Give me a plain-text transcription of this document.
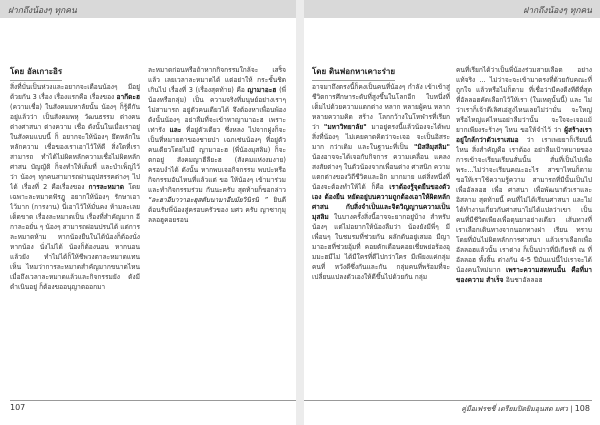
ฝากถึงน้องๆ ทุกคน	ฝากถึงน้องๆ ทุกคน
โดย อัลเกาะอิร

สิ่งที่บั่นเป็นห่วงและอยากจะเตือนน้องๆ มีอยู่ด้วยกัน 3 เรื่อง เรื่องแรกคือ เรื่องของ อากีดะฮ (ความเชื่อ) ในสังคมมหาลัยนั้น น้องๆ ก็รู้ดีกันอยู่แล้วว่า เป็นสังคมพหุ วัฒนธรรม ต่างคน ต่างศาสนา ต่างความ เชื่อ ดังนั้นในเมื่อเราอยู่ในสังคมแบบนี้ ก็ อยากจะให้น้องๆ ยึดหลักในหลักความ เชื่อของเราเอาไว้ให้ดี สิ่งใดที่เราสามารถ ทำได้ไม่ผิดหลักความเชื่อไม่ผิดหลักศาสน บัญญัติ ก็จงทำให้เต็มที่ และบำเพ็ญไว้ว่า น้องๆ ทุกคนสามารถผ่านอุปสรรคต่างๆ ไปได้ เรื่องที่ 2 คือเรื่องของ การละหมาด โดยเฉพาะละหมาดฟัรฎู อยากให้น้องๆ รักษาเอาไว้มาก (การงาน) นี่เอาไว้ให้มั่นคง ห้ามละเลยเด็ดขาด เรื่องละหมาดเป็น เรื่องที่สำคัญมาก อีกาละอยั่น ๆ น้องๆ สามารถผ่อนปรนได้ แต่การละหมาดห้าม หากน้องยืนในได้น้องก็ต้องนั่ง หากน้อง นั่งไม่ได้ น้องก็ต้องนอน หากนอนแล้วยัง ทำไม่ได้ก็ให้ชีพวงตาละหมาดแทน เห็น ไหมว่าการละหมาดสำคัญมากขนาดไหน เมื่อถึงเวลาละหมาดแล้วและกิจกรรมยัง ดังมีดำเนินอยู่ ก็ต้องขออนุญาตออกมา

ละหมาดก่อนหรือถ้าหากกิจกรรมใกล้จะ เสร็จแล้ว เลยเวลาละหมาดได้ แต่อย่าให้ กระชั้นชิดเกินไป เรื่องที่ 3 (เรื่องสุดท้าย) คือ ญามาอะฮ (พี่น้องหรือกลุ่ม) เป็น ความจริงที่มนุษย์อย่างเราๆ ไม่สามารถ อยู่ตัวคนเดียวได้ จึงต้องหาเพื่อนพ้อง ดังนั้นน้องๆ อย่าลืมที่จะเข้าหาญามาอะฮ เพราะเท่ารัง และ ที่อยู่ตัวเดียว ซึ่งหลง ไปจากฝูงก็จะเป็นที่หมายตาของชายปา เฉกเช่นน้องๆ ที่อยู่ตัวคนเดียวโดยไม่มี ญามาอะฮ (พี่น้องมุสลิม) ก็จะตกอยู่ สังคมญาฮีลียะฮ (สังคมแห่งงมงาย) ครอบงำได้ ดังนั้น หากพบเจอกิจกรรม พบปะหรือกิจกรรมอันไหนที่แล้วแต่ ขอ ให้น้องๆ เข้ามาร่วมและทำกิจกรรมร่วม กันนะครับ สุดท้ายก็ขอกล่าว “ละฮาอีบาวาอะฮุสตับนามาอีบมัยวินิรนิ ” ยินดีต้อนรับพี่น้องสู่ครอบครัวของ มศว ครับ ญาซากุมุลลอฮูคอยรอน

โดย ดินฟอกหาเคาะร่าย

อาจมาถึงตรงนี้ก็คงเป็นคนที่น้องๆ กำลัง เข้าเข้าสู่ชีวิตการศึกษาระดับที่สูงขึ้นในโลกอีก ใบหนึ่งที่เต็มไปด้วยความแตกต่าง หลาก หลายผู้คน หลากหลายความคิด สร้าง โลกกว้างในโหฬารที่เรียกว่า "มหาวิทยาลัย" มาอยู่ตรงนี้แล้วน้องจะได้พบสิ่งที่น้องๆ ไม่เคยคาดคิดว่าจะเจอ จะเป็นอิสระมาก กว่าเดิม และในฐานะที่เป็น "มิสลิมุสลิม" น้องอาจจะได้เจอกับกิจการ ความเคลื่อน แคลงสงสัยต่างๆ ในตัวน้องจากเพื่อนต่าง ศาสนิก ความแตกต่างของวิถีชีวิตและอิก มากมาย แต่สิ่งหนึ่งที่น้องจะต้องทำให้ได้ ก็คือ เราต้องรู้จุดยืนของตัวเอง ต้องยืน หยัดอยู่บนความถูกต้องเอาให้ผิดหลักศาสน กับสิ่งจำเป็นและจิตวิญญานความเป็น มุสลิม ในบางครั้งสิ่งนี้อาจจะยากอยู่บ้าง สำหรับน้องๆ แต่ไม่อยากให้น้องลืมว่า น้องยังมีพี่ๆ มีเพื่อนๆ ในชมรมที่ช่วยกัน ผลักดันอยู่เสมอ มีญามาอะฮที่ช่วยอุ้มที่ คอยตักเตือนคอยเชี่ยพย่อร้องอุมมะฮมีไม่ ได้มีใครที่ดีไปกว่าใคร มีเพียงแค่กลุ่มคนที่ หวังดีซึ่งกันและกัน กลุ่มคนที่พร้อมที่จะ เปลี่ยนแปลงตัวเองให้ดีขึ้นไปด้วยกัน กลุ่ม

คนที่เรียกได้ว่าเป็นพี่น้องร่วมสายเลือด อย่างแท้จริง ... ไม่ว่าจะจะเข้ามาตรงที่ด้วยกับคณะที่ถูกใจ แล้วหรือไม่ก็ตาม ที่เชื่อว่ามีคงดีงทีดีที่สุด ที่อัลลอฮคัดเลือกไว้ให้เรา (ในเหตุนั้นนี้) และ ไม่ว่าเราก็เจ้าดีเลิศเอ่สูงไหนเลยไม่ว่ามั่น จะใหญ่หรือไหญ่แค่ไหนอย่าลืมว่านั้น จะใจจะเจอแม้ยากเพียงระร้างๆ ไหน ขอให้จำไว้ ว่า ผู้สร้างเราอยู่ใกล้กว่าตัวเราเสมอ ว่า เราเพยยาก็เรียนนี่ไหน สิ่งสำคัญคือ เราต้อง อย่าลืมเป้าหมายของการเข้าจะเรียนเรียนสั่นนั้น สั่นที่เป็นไปเพื่อพระ...ไม่ว่าจะเรียนคณะอะไร สาขาไหนก็ตามขอให้เราใช้ความรู้ความ สามารถที่มีนั้นเป็นไปเพื่ออัลลอฮ เพื่อ ศาสนา เพื่อพัฒนาตัวเราและอิสลาม สุดท้ายนี้ คนที่ไม่ได้เรียนศาสนา และไม่ ได้ทำงานเกี่ยวกับศาสนาไม่ได้แปลว่าเขา เป็นคนที่มีชีวิตเพียงเพื่อดุนยาอย่างเดียว เส้นทางที่เราเลือกเดินทางจากนอกทางฝา เรียน ทราบโดยที่มันไม่ผิดหลักการศาสนา แล้วเราเลือกเพื่ออัลลอฮแล้วนั้น เราต่าง ก็เป็นบ่าวที่มีเกียรติ ณ ที่ อัลลอฮ ทั้งสิ้น ต่างกัน 4-5 ปีมันแน่นี้ไปเราจะได้น้องคนใหม่มาก เพราะความสดทนนั้น คือที่มาของความ สำเร็จ อินชาอัลลอฮ

107	คู่มือเฟรชชี่ เตรียมปิดยิมอุนสด มศว | 108
